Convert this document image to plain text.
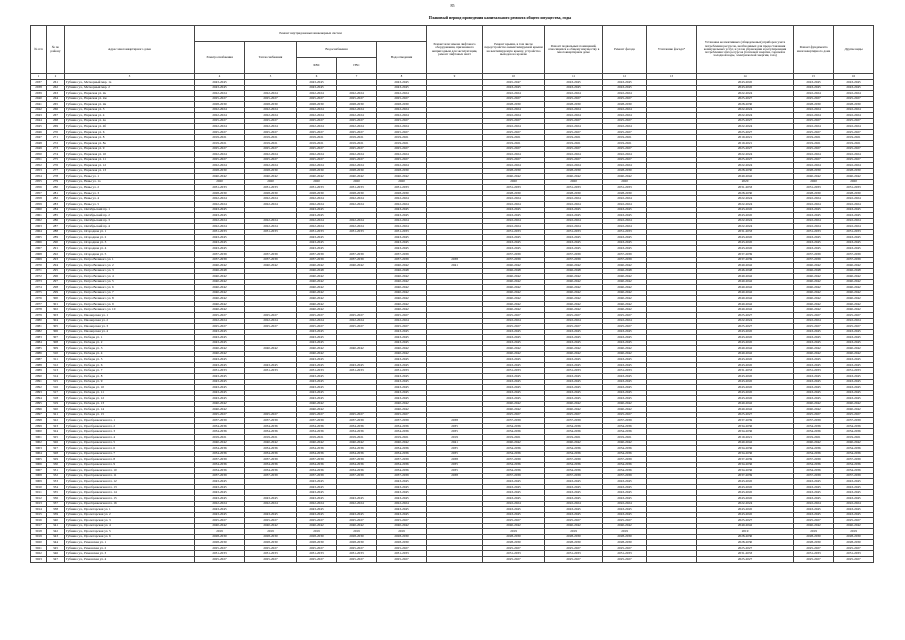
85
Плановый период проведения капитального ремонта общего имущества, годы
№ п/п	№ по району	Адрес многоквартирного дома	Ремонт внутридомовых инженерных систем					Ремонт или замена лифтового оборудования, признанного непригодным для эксплуатации, ремонт лифтовых шахт	Ремонт крыши, в том числе переустройство невентилируемой крыши на вентилируемую крышу, устройство выходов на кровлю	Ремонт подвальных помещений, относящихся к общему имуществу в многоквартирном доме	Ремонт фасада	Утепление фасада*	Установка коллективных (общедомовых) приборов учета потребления ресурсов, необходимых для предоставления коммунальных услуг, и узлов управления и регулирования потребления этих ресурсов (тепловой энергии, горячей и холодной воды, электрической энергии, газа)	Ремонт фундамента многоквартирного дома	Другие виды
			Электроснабжения	Теплоснабжения	Водоснабжения		Водоотведения								
					ХВС	ГВС									
1	2	3	4	5	6	7	8	9	10	11	12	13	14	15	16
2937	261	Губкина ул., Метеорный мкр. 1а	2043-2045		2043-2045		2043-2045		2045-2047	2043-2045	2043-2045		2043-2045	2043-2045	2043-2045
2938	262	Губкина ул., Метеорный мкр. 2	2043-2045		2043-2045		2043-2045		2043-2045	2043-2045	2043-2045		2043-2045	2043-2045	2043-2045
2939	263	Губкина ул., Нарвская ул. 2к	2022-2024	2022-2024	2022-2024	2022-2024	2022-2024		2022-2024	2022-2024	2022-2024		2022-2024	2022-2024	2022-2024
2940	264	Губкина ул., Нарвская ул. 2ж	2025-2027	2025-2027	2025-2027	2025-2027	2025-2027		2025-2027	2025-2027	2025-2027		2025-2027	2025-2027	2025-2027
2941	265	Губкина ул., Нарвская ул. 2и	2028-2030	2028-2030	2028-2030	2028-2030	2028-2030		2028-2030	2028-2030	2028-2030		2028-2030	2028-2030	2028-2030
2942	266	Губкина ул., Нарвская ул. 3	2022-2024	2022-2024	2022-2024	2022-2024	2022-2024		2022-2024	2022-2024	2022-2024		2022-2024	2022-2024	2022-2024
2943	267	Губкина ул., Нарвская ул. 4	2022-2024	2022-2024	2022-2024	2022-2024	2022-2024		2022-2024	2022-2024	2022-2024		2022-2024	2022-2024	2022-2024
2944	268	Губкина ул., Нарвская ул. 4а	2025-2027	2025-2027	2025-2027	2025-2027	2025-2027		2025-2027	2025-2027	2025-2027		2025-2027	2025-2027	2025-2027
2945	269	Губкина ул., Нарвская ул. 4б	2022-2024	2022-2024	2022-2024	2022-2024	2022-2024		2022-2024	2022-2024	2022-2024		2022-2024	2022-2024	2022-2024
2946	270	Губкина ул., Нарвская ул. 6	2025-2027	2025-2027	2025-2027	2025-2027	2025-2027		2025-2027	2025-2027	2025-2027		2025-2027	2025-2027	2025-2027
2947	271	Губкина ул., Нарвская ул. 8	2019-2021	2019-2021	2019-2021	2019-2021	2019-2021		2019-2021	2019-2021	2019-2021		2019-2021	2019-2021	2019-2021
2948	272	Губкина ул., Нарвская ул. 8а	2019-2021	2019-2021	2019-2021	2019-2021	2019-2021		2019-2021	2019-2021	2019-2021		2019-2021	2019-2021	2019-2021
2949	273	Губкина ул., Нарвская ул. 9	2025-2027	2025-2027	2025-2027	2025-2027	2025-2027		2025-2027	2025-2027	2025-2027		2025-2027	2025-2027	2025-2027
2950	274	Губкина ул., Нарвская ул. 10	2022-2024	2022-2024	2022-2024	2022-2024	2022-2024		2022-2024	2022-2024	2022-2024		2022-2024	2022-2024	2022-2024
2951	275	Губкина ул., Нарвская ул. 11	2025-2027	2025-2027	2025-2027	2025-2027	2025-2027		2025-2027	2025-2027	2025-2027		2025-2027	2025-2027	2025-2027
2952	276	Губкина ул., Нарвская ул. 12	2022-2024	2022-2024	2022-2024	2022-2024	2022-2024		2022-2024	2022-2024	2022-2024		2022-2024	2022-2024	2022-2024
2953	277	Губкина ул., Нарвская ул. 13	2028-2030	2028-2030	2028-2030	2028-2030	2028-2030		2028-2030	2028-2030	2028-2030		2028-2030	2028-2030	2028-2030
2954	278	Губкина ул., Невы ул. 1	2040-2042	2040-2042	2040-2042	2040-2042	2040-2042		2040-2042	2040-2042	2040-2042		2040-2042	2040-2042	2040-2042
2955	279	Губкина ул., Невы ул. 1а	2020	2020	2020	2020	2020		2020	2020	2020		2020	2020	2020
2956	280	Губкина ул., Невы ул. 2	2031-2033	2031-2033	2031-2033	2031-2033	2031-2033		2031-2033	2031-2033	2031-2033		2031-2033	2031-2033	2031-2033
2957	281	Губкина ул., Невы ул. 3	2028-2030	2028-2030	2028-2030	2028-2030	2028-2030		2028-2030	2028-2030	2028-2030		2028-2030	2028-2030	2028-2030
2958	282	Губкина ул., Невы ул. 4	2022-2024	2022-2024	2022-2024	2022-2024	2022-2024		2022-2024	2022-2024	2022-2024		2022-2024	2022-2024	2022-2024
2959	283	Губкина ул., Невы ул. 5	2022-2024	2022-2024	2022-2024	2022-2024	2022-2024		2022-2024	2022-2024	2022-2024		2022-2024	2022-2024	2022-2024
2960	284	Губкина ул., Октябрьский пр. 1	2043-2045		2043-2045		2043-2045		2043-2045	2043-2045	2043-2045		2043-2045	2043-2045	2043-2045
2961	285	Губкина ул., Октябрьский пр. 2	2043-2045		2043-2045		2043-2045		2043-2045	2043-2045	2043-2045		2043-2045	2043-2045	2043-2045
2962	286	Губкина ул., Октябрьский пр. 3	2022-2024	2022-2024	2022-2024	2022-2024	2022-2024		2022-2024	2022-2024	2022-2024		2022-2024	2022-2024	2022-2024
2963	287	Губкина ул., Октябрьский пр. 4	2022-2024	2022-2024	2022-2024	2022-2024	2022-2024		2022-2024	2022-2024	2022-2024		2022-2024	2022-2024	2022-2024
2964	288	Губкина ул., Огородная ул. 1	2031-2033	2031-2033	2031-2033	2031-2033	2031-2033		2031-2033	2031-2033	2031-2033		2031-2033	2031-2033	2031-2033
2965	289	Губкина ул., Огородная ул. 2	2043-2045		2043-2045		2043-2045		2043-2045	2043-2045	2043-2045		2043-2045	2043-2045	2043-2045
2966	290	Губкина ул., Огородная ул. 3	2043-2045		2043-2045		2043-2045		2043-2045	2043-2045	2043-2045		2043-2045	2043-2045	2043-2045
2967	291	Губкина ул., Огородная ул. 4	2043-2045		2043-2045		2043-2045		2043-2045	2043-2045	2043-2045		2043-2045	2043-2045	2043-2045
2968	292	Губкина ул., Огородная ул. 5	2037-2039	2037-2039	2037-2039	2037-2039	2037-2039		2037-2039	2037-2039	2037-2039		2037-2039	2037-2039	2037-2039
2969	293	Губкина ул., Петра Великого ул. 1	2037-2039	2037-2039	2037-2039	2037-2039	2037-2039	2038	2037-2039	2037-2039	2037-2039		2037-2039	2037-2039	2037-2039
2970	294	Губкина ул., Петра Великого ул. 2	2040-2042	2040-2042	2040-2042	2040-2042	2040-2042	2041	2040-2042	2040-2042	2040-2042		2040-2042	2040-2042	2040-2042
2971	295	Губкина ул., Петра Великого ул. 3	2046-2048		2046-2048		2046-2048		2046-2048	2046-2048	2046-2048		2046-2048	2046-2048	2046-2048
2972	296	Губкина ул., Петра Великого ул. 4	2040-2042		2040-2042		2040-2042		2040-2042	2040-2042	2040-2042		2040-2042	2040-2042	2040-2042
2973	297	Губкина ул., Петра Великого ул. 5	2040-2042		2040-2042		2040-2042		2040-2042	2040-2042	2040-2042		2040-2042	2040-2042	2040-2042
2974	298	Губкина ул., Петра Великого ул. 6	2040-2042		2040-2042		2040-2042		2040-2042	2040-2042	2040-2042		2040-2042	2040-2042	2040-2042
2975	299	Губкина ул., Петра Великого ул. 7	2040-2042		2040-2042		2040-2042		2040-2042	2040-2042	2040-2042		2040-2042	2040-2042	2040-2042
2976	300	Губкина ул., Петра Великого ул. 8	2040-2042		2040-2042		2040-2042		2040-2042	2040-2042	2040-2042		2040-2042	2040-2042	2040-2042
2977	301	Губкина ул., Петра Великого ул. 9	2040-2042		2040-2042		2040-2042		2040-2042	2040-2042	2040-2042		2040-2042	2040-2042	2040-2042
2978	302	Губкина ул., Петра Великого ул. 10	2040-2042		2040-2042		2040-2042		2040-2042	2040-2042	2040-2042		2040-2042	2040-2042	2040-2042
2979	303	Губкина ул., Пионерская ул. 1	2025-2027	2025-2027	2025-2027	2025-2027	2025-2027		2025-2027	2025-2027	2025-2027		2025-2027	2025-2027	2025-2027
2980	304	Губкина ул., Пионерская ул. 2	2022-2024	2022-2024	2022-2024	2022-2024	2022-2024		2022-2024	2022-2024	2022-2024		2022-2024	2022-2024	2022-2024
2981	305	Губкина ул., Пионерская ул. 3	2025-2027	2025-2027	2025-2027	2025-2027	2025-2027		2025-2027	2025-2027	2025-2027		2025-2027	2025-2027	2025-2027
2982	306	Губкина ул., Пионерская ул. 4	2043-2045		2043-2045		2043-2045		2043-2045	2043-2045	2043-2045		2043-2045	2043-2045	2043-2045
2983	307	Губкина ул., Победы ул. 1	2043-2045		2043-2045		2043-2045		2043-2045	2043-2045	2043-2045		2043-2045	2043-2045	2043-2045
2984	308	Губкина ул., Победы ул. 2	2043-2045		2043-2045		2043-2045		2043-2045	2043-2045	2043-2045		2043-2045	2043-2045	2043-2045
2985	309	Губкина ул., Победы ул. 3	2040-2042	2040-2042	2040-2042	2040-2042	2040-2042		2040-2042	2040-2042	2040-2042		2040-2042	2040-2042	2040-2042
2986	310	Губкина ул., Победы ул. 4	2040-2042		2040-2042		2040-2042		2040-2042	2040-2042	2040-2042		2040-2042	2040-2042	2040-2042
2987	311	Губкина ул., Победы ул. 5	2043-2045		2043-2045		2043-2045		2043-2045	2043-2045	2043-2045		2043-2045	2043-2045	2043-2045
2988	312	Губкина ул., Победы ул. 6	2043-2045	2043-2045	2043-2045	2043-2045	2043-2045		2043-2045	2043-2045	2043-2045		2043-2045	2043-2045	2043-2045
2989	313	Губкина ул., Победы ул. 7	2031-2033	2031-2033	2031-2033	2031-2033	2031-2033		2031-2033	2031-2033	2031-2033		2031-2033	2031-2033	2031-2033
2990	314	Губкина ул., Победы ул. 8	2043-2045		2043-2045		2043-2045		2043-2045	2043-2045	2043-2045		2043-2045	2043-2045	2043-2045
2991	315	Губкина ул., Победы ул. 9	2043-2045		2043-2045		2043-2045		2043-2045	2043-2045	2043-2045		2043-2045	2043-2045	2043-2045
2992	316	Губкина ул., Победы ул. 10	2043-2045		2043-2045		2043-2045		2043-2045	2043-2045	2043-2045		2043-2045	2043-2045	2043-2045
2993	317	Губкина ул., Победы ул. 11	2043-2045		2043-2045		2043-2045		2043-2045	2043-2045	2043-2045		2043-2045	2043-2045	2043-2045
2994	318	Губкина ул., Победы ул. 12	2043-2045		2043-2045		2043-2045		2043-2045	2043-2045	2043-2045		2043-2045	2043-2045	2043-2045
2995	319	Губкина ул., Победы ул. 13	2040-2042		2040-2042		2040-2042		2040-2042	2040-2042	2040-2042		2040-2042	2040-2042	2040-2042
2996	320	Губкина ул., Победы ул. 14	2040-2042		2040-2042		2040-2042		2040-2042	2040-2042	2040-2042		2040-2042	2040-2042	2040-2042
2997	321	Губкина ул., Победы ул. 15	2025-2027	2025-2027	2025-2027	2025-2027	2025-2027		2025-2027	2025-2027	2025-2027		2025-2027	2025-2027	2025-2027
2998	322	Губкина ул., Преображенская пл. 1	2037-2039	2037-2039	2037-2039	2037-2039	2037-2039	2038	2037-2039	2037-2039	2037-2039		2037-2039	2037-2039	2037-2039
2999	323	Губкина ул., Преображенская пл. 2	2034-2036	2034-2036	2034-2036	2034-2036	2034-2036	2035	2034-2036	2034-2036	2034-2036		2034-2036	2034-2036	2034-2036
3000	324	Губкина ул., Преображенская пл. 3	2034-2036	2034-2036	2034-2036	2034-2036	2034-2036	2035	2034-2036	2034-2036	2034-2036		2034-2036	2034-2036	2034-2036
3001	325	Губкина ул., Преображенская пл. 4	2019-2021	2019-2021	2019-2021	2019-2021	2019-2021	2019	2019-2021	2019-2021	2019-2021		2019-2021	2019-2021	2019-2021
3002	326	Губкина ул., Преображенская пл. 5	2040-2042	2040-2042	2040-2042	2040-2042	2040-2042	2041	2040-2042	2040-2042	2040-2042		2040-2042	2040-2042	2040-2042
3003	327	Губкина ул., Преображенская пл. 6	2034-2036	2034-2036	2034-2036	2034-2036	2034-2036	2035	2034-2036	2034-2036	2034-2036		2034-2036	2034-2036	2034-2036
3004	328	Губкина ул., Преображенская пл. 7	2034-2036	2034-2036	2034-2036	2034-2036	2034-2036	2035	2034-2036	2034-2036	2034-2036		2034-2036	2034-2036	2034-2036
3005	329	Губкина ул., Преображенская пл. 8	2037-2039	2037-2039	2037-2039	2037-2039	2037-2039	2038	2037-2039	2037-2039	2037-2039		2037-2039	2037-2039	2037-2039
3006	330	Губкина ул., Преображенская пл. 9	2034-2036	2034-2036	2034-2036	2034-2036	2034-2036	2035	2034-2036	2034-2036	2034-2036		2034-2036	2034-2036	2034-2036
3007	331	Губкина ул., Преображенская пл. 10	2034-2036	2034-2036	2034-2036	2034-2036	2034-2036	2035	2034-2036	2034-2036	2034-2036		2034-2036	2034-2036	2034-2036
3008	332	Губкина ул., Преображенская пл. 11	2037-2039	2037-2039	2037-2039	2037-2039	2037-2039	2038	2037-2039	2037-2039	2037-2039		2037-2039	2037-2039	2037-2039
3009	333	Губкина ул., Преображенская пл. 12	2043-2045		2043-2045		2043-2045		2043-2045	2043-2045	2043-2045		2043-2045	2043-2045	2043-2045
3010	334	Губкина ул., Преображенская пл. 13	2043-2045		2043-2045		2043-2045		2043-2045	2043-2045	2043-2045		2043-2045	2043-2045	2043-2045
3011	335	Губкина ул., Преображенская пл. 14	2043-2045		2043-2045		2043-2045		2043-2045	2043-2045	2043-2045		2043-2045	2043-2045	2043-2045
3012	336	Губкина ул., Преображенская пл. 15	2043-2045	2043-2045	2043-2045	2043-2045	2043-2045		2043-2045	2043-2045	2043-2045		2043-2045	2043-2045	2043-2045
3013	337	Губкина ул., Преображенская пл. 16	2022-2024	2022-2024	2022-2024	2022-2024	2022-2024		2022-2024	2022-2024	2022-2024		2022-2024	2022-2024	2022-2024
3014	338	Губкина ул., Пролетарская ул. 1	2043-2045		2043-2045		2043-2045		2043-2045	2043-2045	2043-2045		2043-2045	2043-2045	2043-2045
3015	339	Губкина ул., Пролетарская ул. 2	2043-2045	2043-2045	2043-2045	2043-2045	2043-2045		2043-2045	2043-2045	2043-2045		2043-2045	2043-2045	2043-2045
3016	340	Губкина ул., Пролетарская ул. 3	2025-2027	2025-2027	2025-2027	2025-2027	2025-2027		2025-2027	2025-2027	2025-2027		2025-2027	2025-2027	2025-2027
3017	341	Губкина ул., Пролетарская ул. 4	2040-2042	2040-2042	2040-2042	2040-2042	2040-2042		2040-2042	2040-2042	2040-2042		2040-2042	2040-2042	2040-2042
3018	342	Губкина ул., Пролетарская ул. 5	2019	2019	2019	2019	2019		2019	2019	2019		2019	2019	2019
3019	343	Губкина ул., Пролетарская ул. 6	2028-2030	2028-2030	2028-2030	2028-2030	2028-2030		2028-2030	2028-2030	2028-2030		2028-2030	2028-2030	2028-2030
3020	344	Губкина ул., Рамонская ул. 1	2028-2030	2028-2030	2028-2030	2028-2030	2028-2030		2028-2030	2028-2030	2028-2030		2028-2030	2028-2030	2028-2030
3021	345	Губкина ул., Рамонская ул. 2	2025-2027	2025-2027	2025-2027	2025-2027	2025-2027		2025-2027	2025-2027	2025-2027		2025-2027	2025-2027	2025-2027
3022	346	Губкина ул., Рамонская ул. 3	2031-2033	2031-2033	2031-2033	2031-2033	2031-2033		2031-2033	2031-2033	2031-2033		2031-2033	2031-2033	2031-2033
3023	347	Губкина ул., Рамонская ул. 4	2025-2027	2025-2027	2025-2027	2025-2027	2025-2027		2025-2027	2025-2027	2025-2027		2025-2027	2025-2027	2025-2027
